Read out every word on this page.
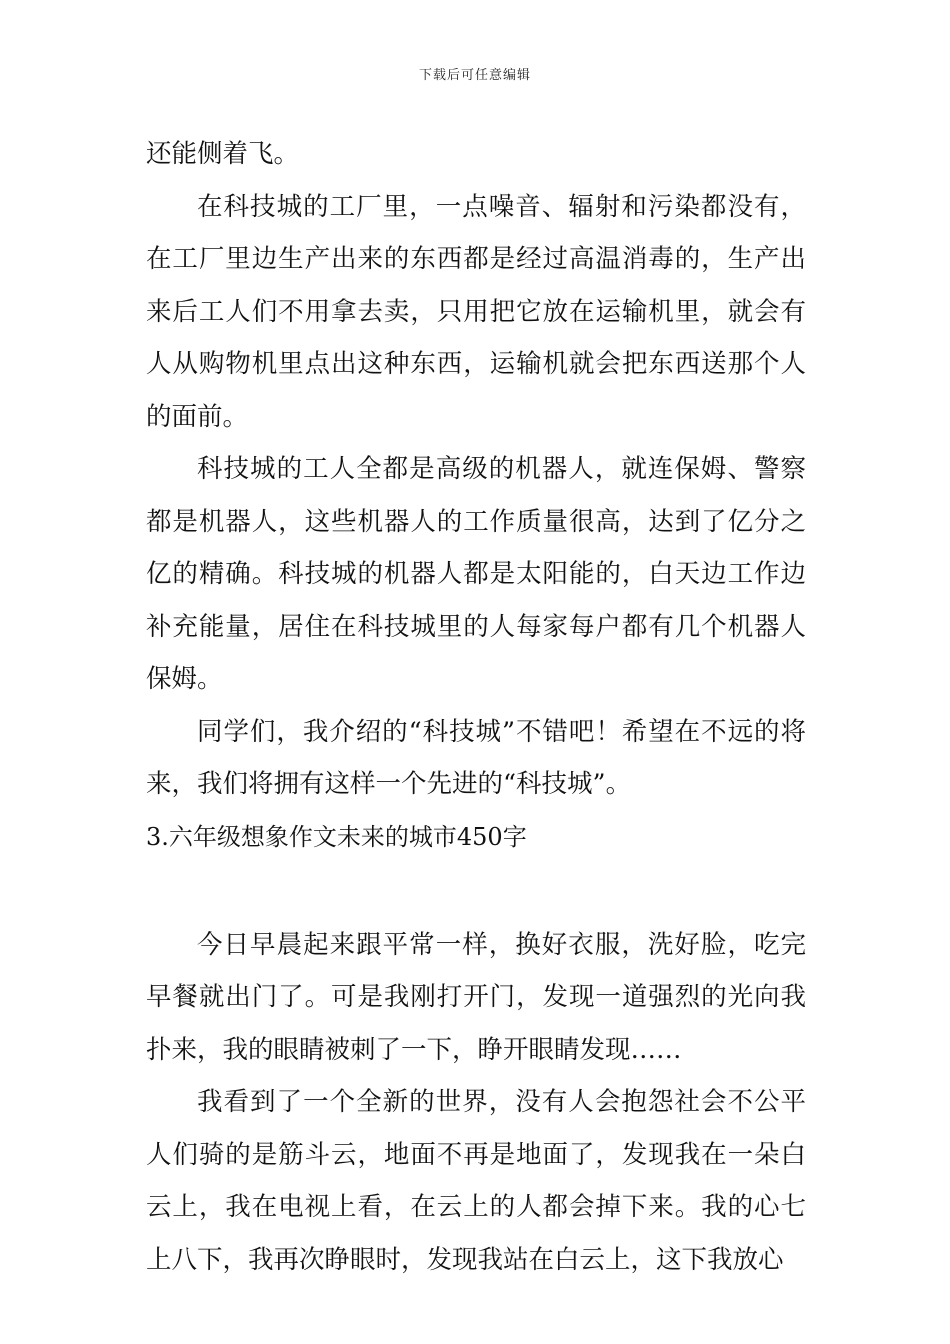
下载后可任意编辑

还能侧着飞。

在科技城的工厂里，一点噪音、辐射和污染都没有，在工厂里边生产出来的东西都是经过高温消毒的，生产出来后工人们不用拿去卖，只用把它放在运输机里，就会有人从购物机里点出这种东西，运输机就会把东西送那个人的面前。

科技城的工人全都是高级的机器人，就连保姆、警察都是机器人，这些机器人的工作质量很高，达到了亿分之亿的精确。科技城的机器人都是太阳能的，白天边工作边补充能量，居住在科技城里的人每家每户都有几个机器人保姆。

同学们，我介绍的“科技城”不错吧！希望在不远的将来，我们将拥有这样一个先进的“科技城”。

3.六年级想象作文未来的城市450字

今日早晨起来跟平常一样，换好衣服，洗好脸，吃完早餐就出门了。可是我刚打开门，发现一道强烈的光向我扑来，我的眼睛被刺了一下，睁开眼睛发现……

我看到了一个全新的世界，没有人会抱怨社会不公平人们骑的是筋斗云，地面不再是地面了，发现我在一朵白云上，我在电视上看，在云上的人都会掉下来。我的心七上八下，我再次睁眼时，发现我站在白云上，这下我放心
